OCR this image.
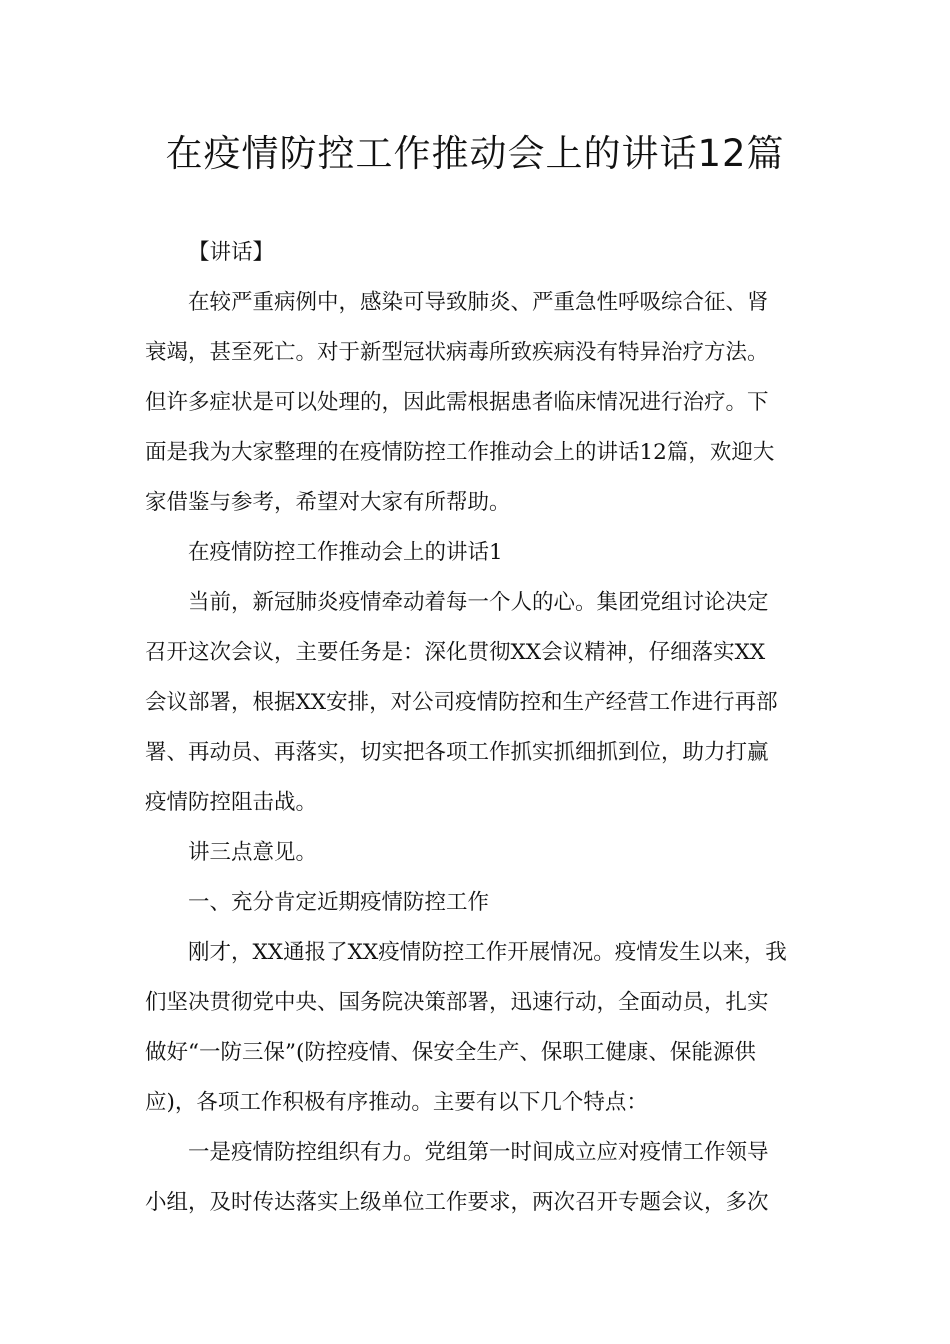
在疫情防控工作推动会上的讲话12篇

【讲话】

在较严重病例中，感染可导致肺炎、严重急性呼吸综合征、肾
衰竭，甚至死亡。对于新型冠状病毒所致疾病没有特异治疗方法。
但许多症状是可以处理的，因此需根据患者临床情况进行治疗。下
面是我为大家整理的在疫情防控工作推动会上的讲话12篇，欢迎大
家借鉴与参考，希望对大家有所帮助。

在疫情防控工作推动会上的讲话1

当前，新冠肺炎疫情牵动着每一个人的心。集团党组讨论决定
召开这次会议，主要任务是：深化贯彻XX会议精神，仔细落实XX
会议部署，根据XX安排，对公司疫情防控和生产经营工作进行再部
署、再动员、再落实，切实把各项工作抓实抓细抓到位，助力打赢
疫情防控阻击战。

讲三点意见。

一、充分肯定近期疫情防控工作

刚才，XX通报了XX疫情防控工作开展情况。疫情发生以来，我
们坚决贯彻党中央、国务院决策部署，迅速行动，全面动员，扎实
做好“一防三保”(防控疫情、保安全生产、保职工健康、保能源供
应)，各项工作积极有序推动。主要有以下几个特点：

一是疫情防控组织有力。党组第一时间成立应对疫情工作领导
小组，及时传达落实上级单位工作要求，两次召开专题会议，多次
